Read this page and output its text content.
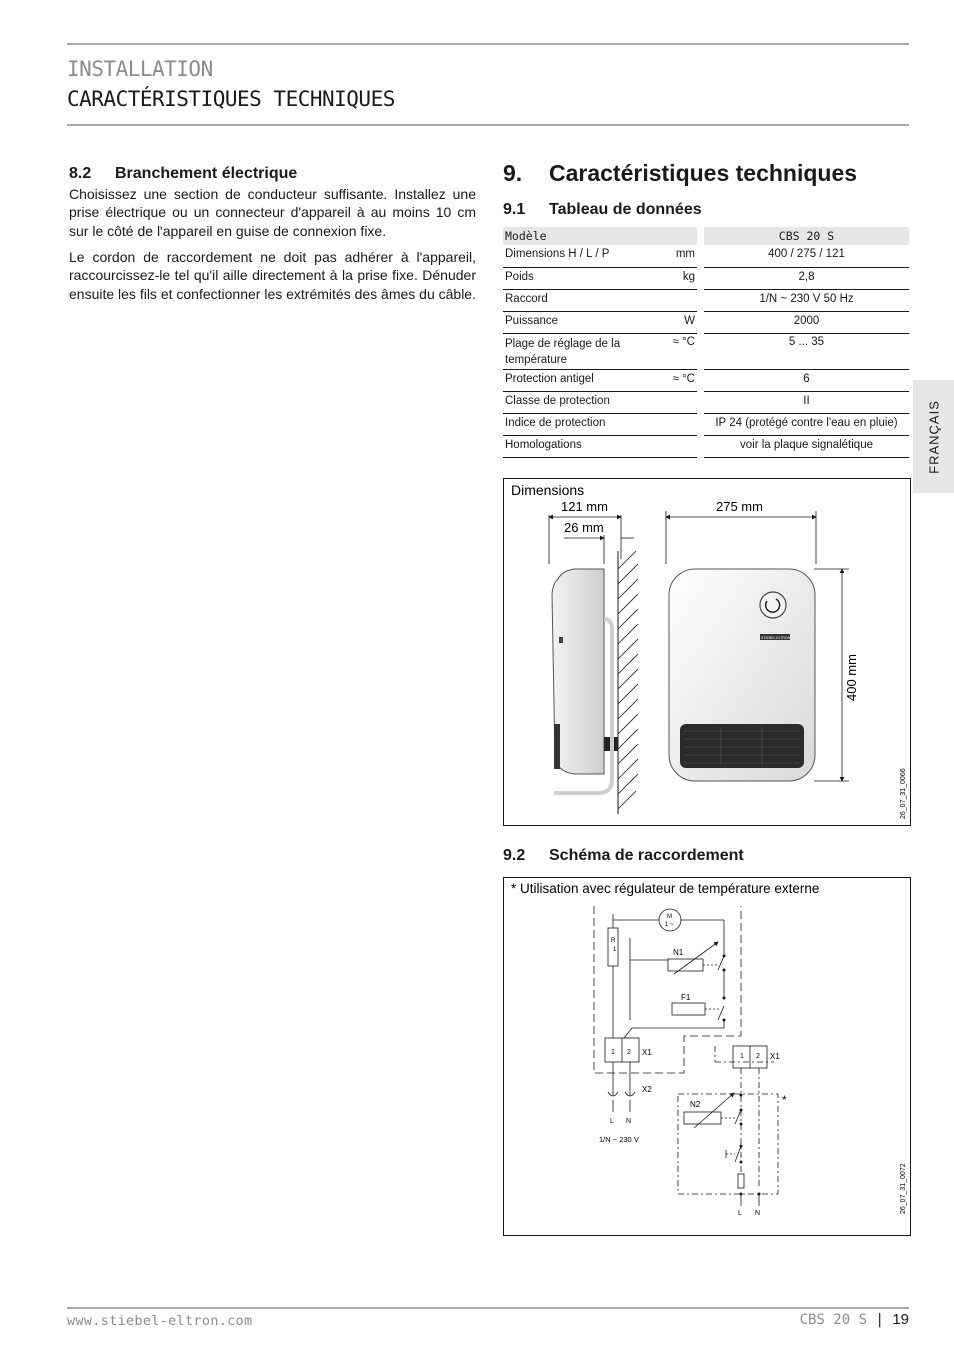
INSTALLATION
CARACTÉRISTIQUES TECHNIQUES
8.2 Branchement électrique
Choisissez une section de conducteur suffisante. Installez une prise électrique ou un connecteur d'appareil à au moins 10 cm sur le côté de l'appareil en guise de connexion fixe.
Le cordon de raccordement ne doit pas adhérer à l'appareil, raccourcissez-le tel qu'il aille directement à la prise fixe. Dénuder ensuite les fils et confectionner les extrémités des âmes du câble.
9. Caractéristiques techniques
9.1 Tableau de données
Modèle			CBS 20 S
Dimensions H / L / P	mm		400 / 275 / 121
Poids	kg		2,8
Raccord			1/N ~ 230 V 50 Hz
Puissance	W		2000
Plage de réglage de la température	≈ °C		5 ... 35
Protection antigel	≈ °C		6
Classe de protection			II
Indice de protection			IP 24 (protégé contre l'eau en pluie)
Homologations			voir la plaque signalétique	FRANÇAIS
Dimensions
121 mm
26 mm
275 mm
400 mm
STIEBEL ELTRON
26_07_31_0066
9.2 Schéma de raccordement
* Utilisation avec régulateur de température externe
R
1
M
1 ~
N1
F1
1 2 X1
X2
L N
1/N ~ 230 V
1 2 X1
*
N2
L N	26_07_31_0072
www.stiebel-eltron.com	CBS 20 S | 19
